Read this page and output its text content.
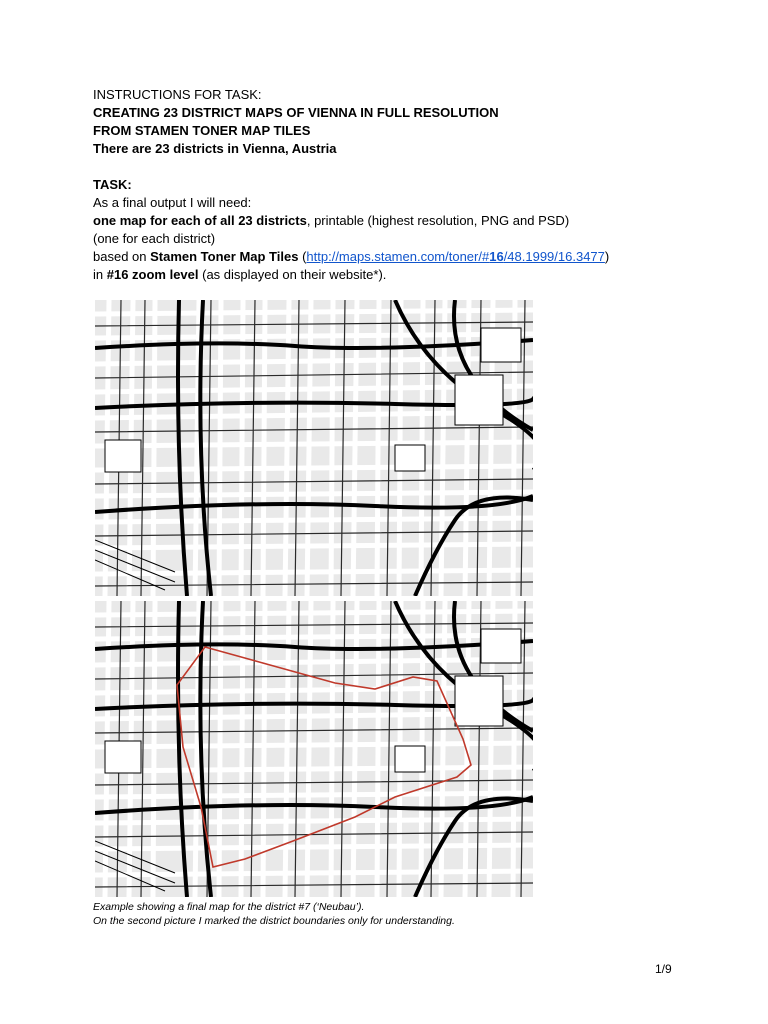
INSTRUCTIONS FOR TASK:
CREATING 23 DISTRICT MAPS OF VIENNA IN FULL RESOLUTION
FROM STAMEN TONER MAP TILES
There are 23 districts in Vienna, Austria
TASK:
As a final output I will need:
one map for each of all 23 districts, printable (highest resolution, PNG and PSD)
(one for each district)
based on Stamen Toner Map Tiles (http://maps.stamen.com/toner/#16/48.1999/16.3477)
in #16 zoom level (as displayed on their website*).
Example showing a final map for the district #7 (‘Neubau’).
On the second picture I marked the district boundaries only for understanding.
1/9
